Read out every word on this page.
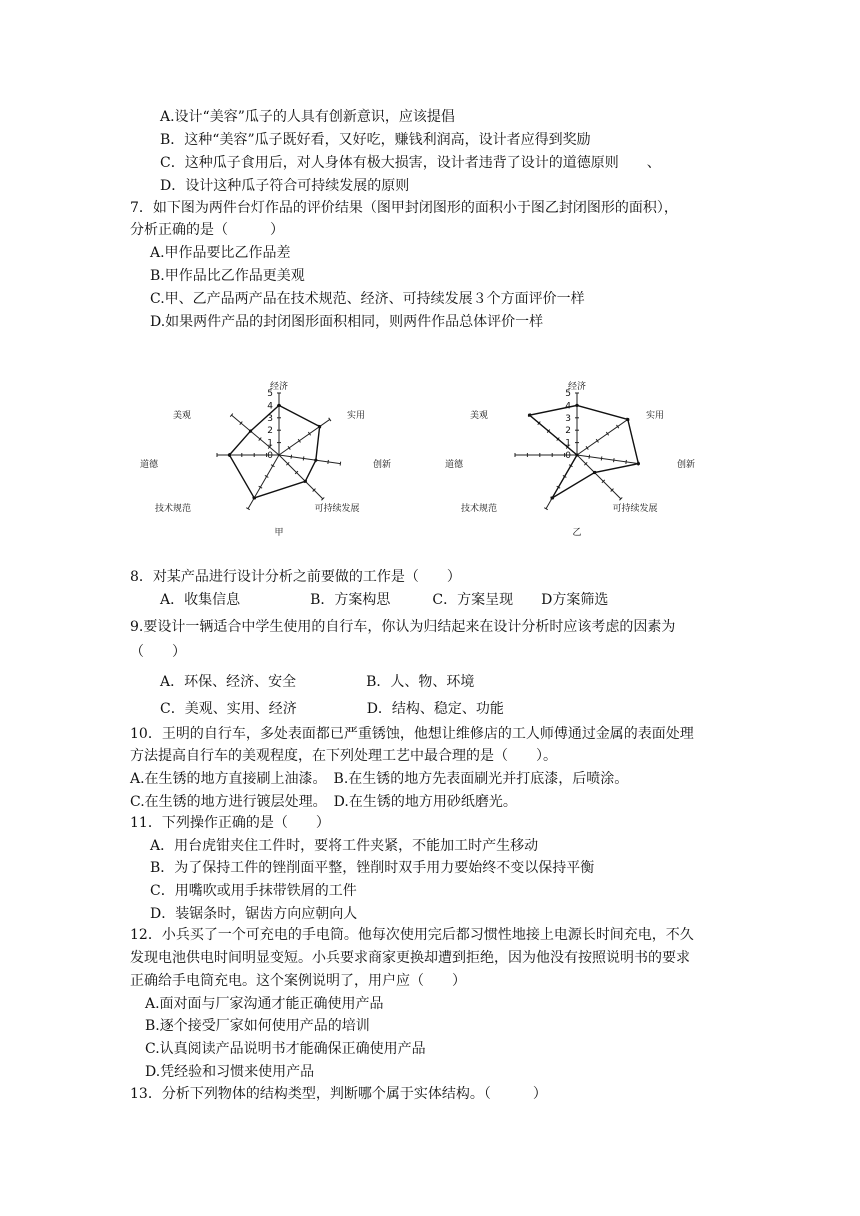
A.设计“美容”瓜子的人具有创新意识，应该提倡
B．这种“美容”瓜子既好看，又好吃，赚钱利润高，设计者应得到奖励
C．这种瓜子食用后，对人身体有极大损害，设计者违背了设计的道德原则　　、
D．设计这种瓜子符合可持续发展的原则
7．如下图为两件台灯作品的评价结果（图甲封闭图形的面积小于图乙封闭图形的面积），
分析正确的是（　　　）
A.甲作品要比乙作品差
B.甲作品比乙作品更美观
C.甲、乙产品两产品在技术规范、经济、可持续发展３个方面评价一样
D.如果两件产品的封闭图形面积相同，则两件作品总体评价一样
经济
实用
创新
可持续发展
技术规范
道德
美观
0
1
2
3
4
5
甲
经济
实用
创新
可持续发展
技术规范
道德
美观
0
1
2
3
4
5
乙
8．对某产品进行设计分析之前要做的工作是（　　）
A．收集信息　　　　　B．方案构思　　　C．方案呈现　　D方案筛选
9.要设计一辆适合中学生使用的自行车，你认为归结起来在设计分析时应该考虑的因素为
（　　）
A．环保、经济、安全　　　　　B．人、物、环境
C．美观、实用、经济　　　　　D．结构、稳定、功能
10．王明的自行车，多处表面都已严重锈蚀，他想让维修店的工人师傅通过金属的表面处理
方法提高自行车的美观程度，在下列处理工艺中最合理的是（　　）。
A.在生锈的地方直接刷上油漆。　B.在生锈的地方先表面刷光并打底漆，后喷涂。
C.在生锈的地方进行镀层处理。　D.在生锈的地方用砂纸磨光。
11．下列操作正确的是（　　）
A．用台虎钳夹住工件时，要将工件夹紧，不能加工时产生移动
B．为了保持工件的锉削面平整，锉削时双手用力要始终不变以保持平衡
C．用嘴吹或用手抹带铁屑的工件
D．装锯条时，锯齿方向应朝向人
12．小兵买了一个可充电的手电筒。他每次使用完后都习惯性地接上电源长时间充电，不久
发现电池供电时间明显变短。小兵要求商家更换却遭到拒绝，因为他没有按照说明书的要求
正确给手电筒充电。这个案例说明了，用户应（　　）
A.面对面与厂家沟通才能正确使用产品
B.逐个接受厂家如何使用产品的培训
C.认真阅读产品说明书才能确保正确使用产品
D.凭经验和习惯来使用产品
13．分析下列物体的结构类型，判断哪个属于实体结构。（　　　）
